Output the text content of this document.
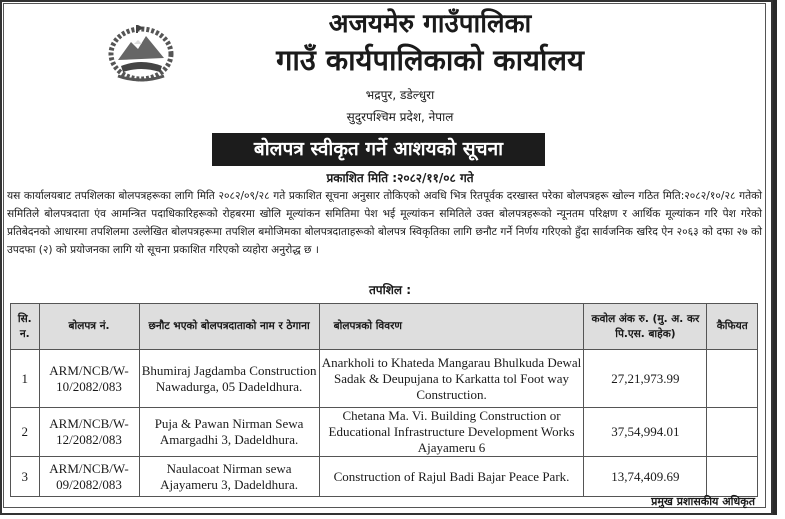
अजयमेरु गाउँपालिका
गाउँ कार्यपालिकाको कार्यालय
भद्रपुर, डडेल्धुरा
सुदुरपश्चिम प्रदेश, नेपाल
बोलपत्र स्वीकृत गर्ने आशयको सूचना
प्रकाशित मिति :२०८२/११/०८ गते
यस कार्यालयबाट तपशिलका बोलपत्रहरूका लागि मिति २०८२/०९/२८ गते प्रकाशित सूचना अनुसार तोकिएको अवधि भित्र रितपूर्वक दरखास्त परेका बोलपत्रहरू खोल्न गठित मिति:२०८२/१०/२८ गतेको समितिले बोलपत्रदाता एंव आमन्त्रित पदाधिकारिहरूको रोहबरमा खोलि मूल्यांकन समितिमा पेश भई मूल्यांकन समितिले उक्त बोलपत्रहरूको न्यूनतम परिक्षण र आर्थिक मूल्यांकन गरि पेश गरेको प्रतिबेदनको आधारमा तपशिलमा उल्लेखित बोलपत्रहरूमा तपशिल बमोजिमका बोलपत्रदाताहरूको बोलपत्र स्विकृतिका लागि छनौट गर्ने निर्णय गरिएको हुँदा सार्वजनिक खरिद ऐन २०६३ को दफा २७ को उपदफा (२) को प्रयोजनका लागि यो सूचना प्रकाशित गरिएको व्यहोरा अनुरोद्ध छ ।
तपशिल :
सि. न.	बोलपत्र नं.	छनौट भएको बोलपत्रदाताको नाम र ठेगाना	बोलपत्रको विवरण	कवोल अंक रु. (मु. अ. कर पि.एस. बाहेक)	कैफियत
1	ARM/NCB/W-10/2082/083	Bhumiraj Jagdamba Construction Nawadurga, 05 Dadeldhura.	Anarkholi to Khateda Mangarau Bhulkuda Dewal Sadak & Deupujana to Karkatta tol Foot way Construction.	27,21,973.99	
2	ARM/NCB/W-12/2082/083	Puja & Pawan Nirman Sewa Amargadhi 3, Dadeldhura.	Chetana Ma. Vi. Building Construction or Educational Infrastructure Development Works Ajayameru 6	37,54,994.01	
3	ARM/NCB/W-09/2082/083	Naulacoat Nirman sewa Ajayameru 3, Dadeldhura.	Construction of Rajul Badi Bajar Peace Park.	13,74,409.69	
प्रमुख प्रशासकीय अधिकृत
